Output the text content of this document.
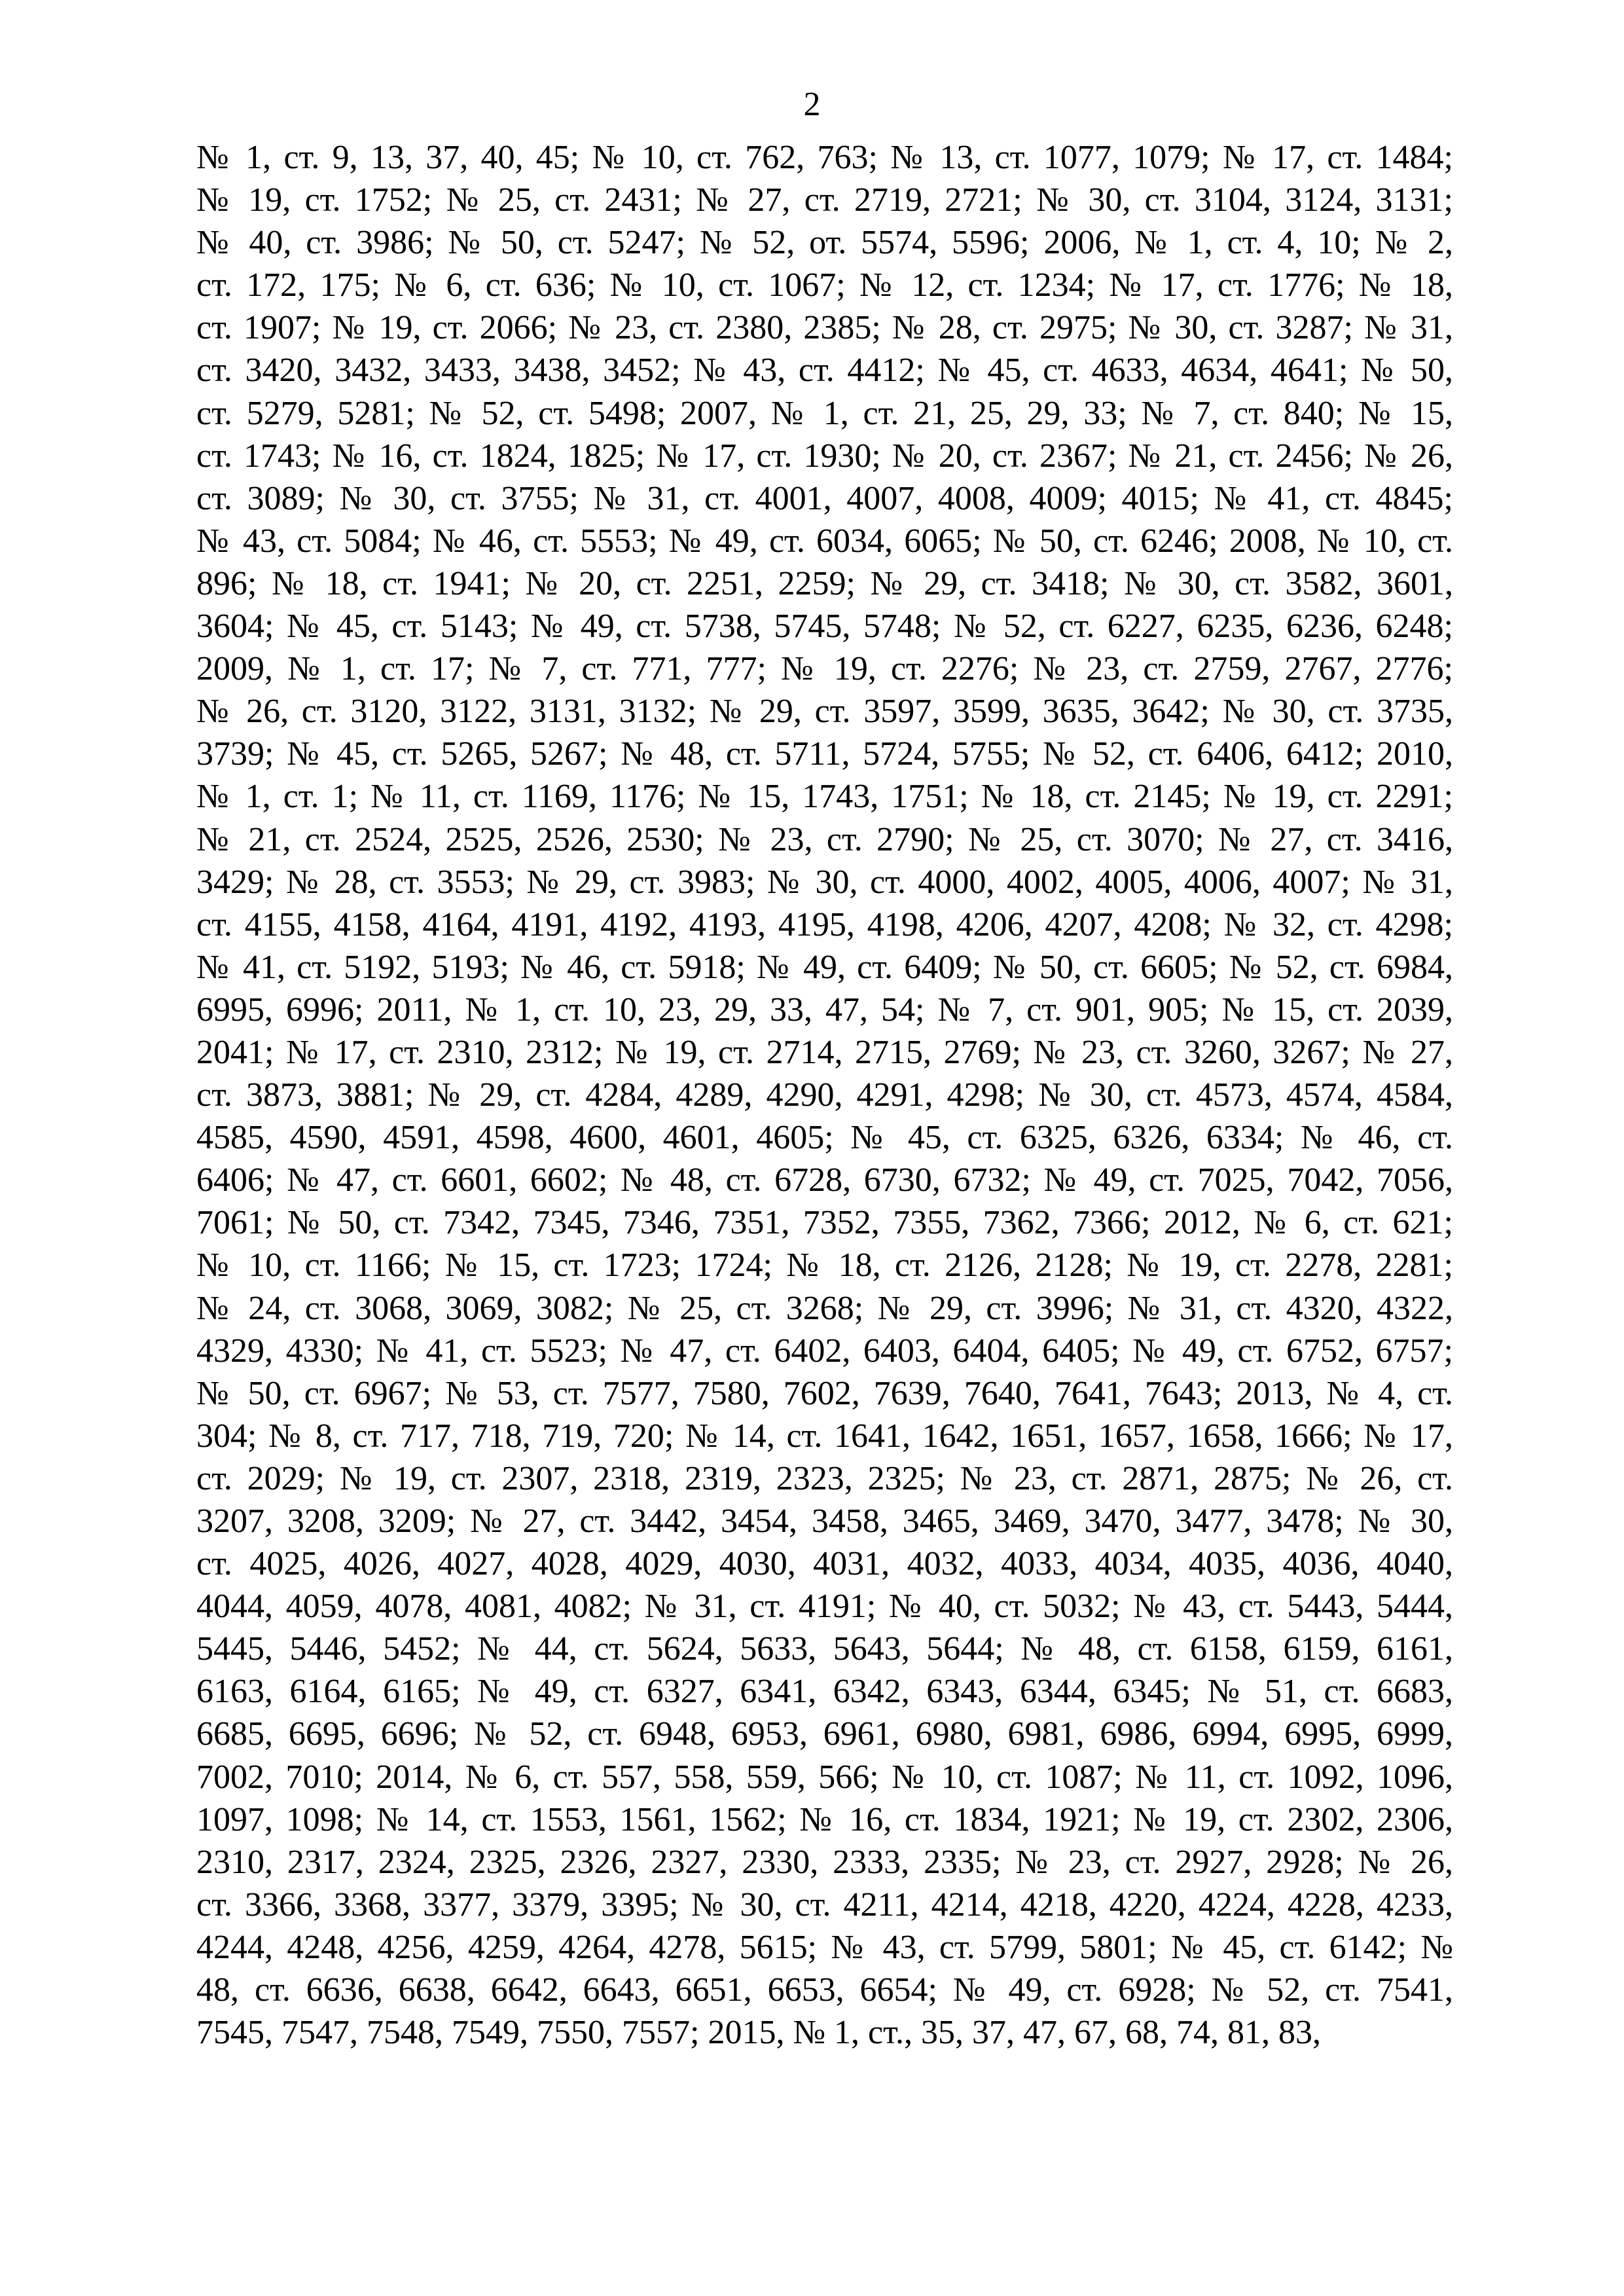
2
№ 1, ст. 9, 13, 37, 40, 45; № 10, ст. 762, 763; № 13, ст. 1077, 1079; № 17, ст. 1484;
№ 19, ст. 1752; № 25, ст. 2431; № 27, ст. 2719, 2721; № 30, ст. 3104, 3124, 3131;
№ 40, ст. 3986; № 50, ст. 5247; № 52, от. 5574, 5596; 2006, № 1, ст. 4, 10; № 2,
ст. 172, 175; № 6, ст. 636; № 10, ст. 1067; № 12, ст. 1234; № 17, ст. 1776; № 18,
ст. 1907; № 19, ст. 2066; № 23, ст. 2380, 2385; № 28, ст. 2975; № 30, ст. 3287; № 31,
ст. 3420, 3432, 3433, 3438, 3452; № 43, ст. 4412; № 45, ст. 4633, 4634, 4641; № 50,
ст. 5279, 5281; № 52, ст. 5498; 2007, № 1, ст. 21, 25, 29, 33; № 7, ст. 840; № 15,
ст. 1743; № 16, ст. 1824, 1825; № 17, ст. 1930; № 20, ст. 2367; № 21, ст. 2456; № 26,
ст. 3089; № 30, ст. 3755; № 31, ст. 4001, 4007, 4008, 4009; 4015; № 41, ст. 4845;
№ 43, ст. 5084; № 46, ст. 5553; № 49, ст. 6034, 6065; № 50, ст. 6246; 2008, № 10, ст.
896; № 18, ст. 1941; № 20, ст. 2251, 2259; № 29, ст. 3418; № 30, ст. 3582, 3601,
3604; № 45, ст. 5143; № 49, ст. 5738, 5745, 5748; № 52, ст. 6227, 6235, 6236, 6248;
2009, № 1, ст. 17; № 7, ст. 771, 777; № 19, ст. 2276; № 23, ст. 2759, 2767, 2776;
№ 26, ст. 3120, 3122, 3131, 3132; № 29, ст. 3597, 3599, 3635, 3642; № 30, ст. 3735,
3739; № 45, ст. 5265, 5267; № 48, ст. 5711, 5724, 5755; № 52, ст. 6406, 6412; 2010,
№ 1, ст. 1; № 11, ст. 1169, 1176; № 15, 1743, 1751; № 18, ст. 2145; № 19, ст. 2291;
№ 21, ст. 2524, 2525, 2526, 2530; № 23, ст. 2790; № 25, ст. 3070; № 27, ст. 3416,
3429; № 28, ст. 3553; № 29, ст. 3983; № 30, ст. 4000, 4002, 4005, 4006, 4007; № 31,
ст. 4155, 4158, 4164, 4191, 4192, 4193, 4195, 4198, 4206, 4207, 4208; № 32, ст. 4298;
№ 41, ст. 5192, 5193; № 46, ст. 5918; № 49, ст. 6409; № 50, ст. 6605; № 52, ст. 6984,
6995, 6996; 2011, № 1, ст. 10, 23, 29, 33, 47, 54; № 7, ст. 901, 905; № 15, ст. 2039,
2041; № 17, ст. 2310, 2312; № 19, ст. 2714, 2715, 2769; № 23, ст. 3260, 3267; № 27,
ст. 3873, 3881; № 29, ст. 4284, 4289, 4290, 4291, 4298; № 30, ст. 4573, 4574, 4584,
4585, 4590, 4591, 4598, 4600, 4601, 4605; № 45, ст. 6325, 6326, 6334; № 46, ст.
6406; № 47, ст. 6601, 6602; № 48, ст. 6728, 6730, 6732; № 49, ст. 7025, 7042, 7056,
7061; № 50, ст. 7342, 7345, 7346, 7351, 7352, 7355, 7362, 7366; 2012, № 6, ст. 621;
№ 10, ст. 1166; № 15, ст. 1723; 1724; № 18, ст. 2126, 2128; № 19, ст. 2278, 2281;
№ 24, ст. 3068, 3069, 3082; № 25, ст. 3268; № 29, ст. 3996; № 31, ст. 4320, 4322,
4329, 4330; № 41, ст. 5523; № 47, ст. 6402, 6403, 6404, 6405; № 49, ст. 6752, 6757;
№ 50, ст. 6967; № 53, ст. 7577, 7580, 7602, 7639, 7640, 7641, 7643; 2013, № 4, ст.
304; № 8, ст. 717, 718, 719, 720; № 14, ст. 1641, 1642, 1651, 1657, 1658, 1666; № 17,
ст. 2029; № 19, ст. 2307, 2318, 2319, 2323, 2325; № 23, ст. 2871, 2875; № 26, ст.
3207, 3208, 3209; № 27, ст. 3442, 3454, 3458, 3465, 3469, 3470, 3477, 3478; № 30,
ст. 4025, 4026, 4027, 4028, 4029, 4030, 4031, 4032, 4033, 4034, 4035, 4036, 4040,
4044, 4059, 4078, 4081, 4082; № 31, ст. 4191; № 40, ст. 5032; № 43, ст. 5443, 5444,
5445, 5446, 5452; № 44, ст. 5624, 5633, 5643, 5644; № 48, ст. 6158, 6159, 6161,
6163, 6164, 6165; № 49, ст. 6327, 6341, 6342, 6343, 6344, 6345; № 51, ст. 6683,
6685, 6695, 6696; № 52, ст. 6948, 6953, 6961, 6980, 6981, 6986, 6994, 6995, 6999,
7002, 7010; 2014, № 6, ст. 557, 558, 559, 566; № 10, ст. 1087; № 11, ст. 1092, 1096,
1097, 1098; № 14, ст. 1553, 1561, 1562; № 16, ст. 1834, 1921; № 19, ст. 2302, 2306,
2310, 2317, 2324, 2325, 2326, 2327, 2330, 2333, 2335; № 23, ст. 2927, 2928; № 26,
ст. 3366, 3368, 3377, 3379, 3395; № 30, ст. 4211, 4214, 4218, 4220, 4224, 4228, 4233,
4244, 4248, 4256, 4259, 4264, 4278, 5615; № 43, ст. 5799, 5801; № 45, ст. 6142; №
48, ст. 6636, 6638, 6642, 6643, 6651, 6653, 6654; № 49, ст. 6928; № 52, ст. 7541,
7545, 7547, 7548, 7549, 7550, 7557; 2015, № 1, ст., 35, 37, 47, 67, 68, 74, 81, 83,
